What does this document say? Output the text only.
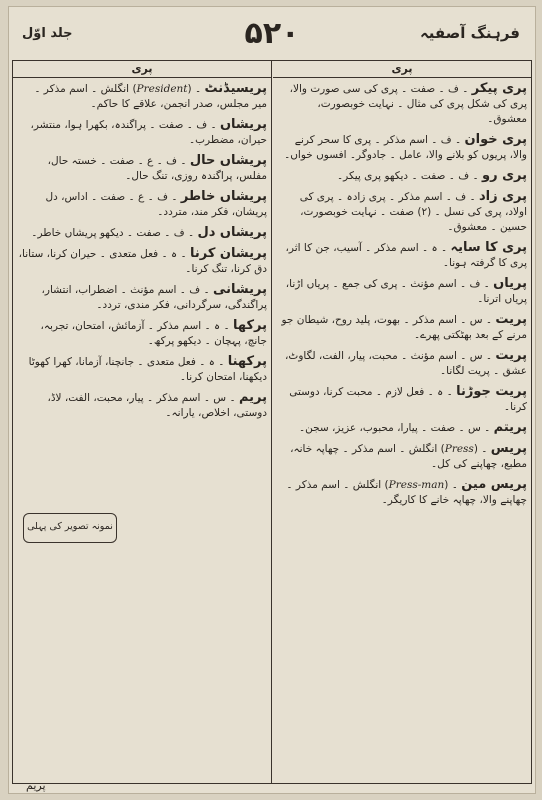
جلد اوّل	۵۲۰	فرہنگ آصفیہ
پری	پری
پری پیکر ۔ ف ۔ صفت ۔ پری کی سی صورت والا، پری کی شکل پری کی مثال ۔ نہایت خوبصورت، معشوق۔
پری خوان ۔ ف ۔ اسم مذکر ۔ پری کا سحر کرنے والا، پریوں کو بلانے والا، عامل ۔ جادوگر۔ افسوں خواں۔
پری رو ۔ ف ۔ صفت ۔ دیکھو پری پیکر۔
پری زاد ۔ ف ۔ اسم مذکر ۔ پری زادہ ۔ پری کی اولاد، پری کی نسل ۔ (۲) صفت ۔ نہایت خوبصورت، حسین ۔ معشوق۔
پری کا سایہ ۔ ہ ۔ اسم مذکر ۔ آسیب، جن کا اثر، پری کا گرفتہ ہونا۔
پریاں ۔ ف ۔ اسم مؤنث ۔ پری کی جمع ۔ پریاں اڑنا، پریاں اترنا۔
پریت ۔ س ۔ اسم مذکر ۔ بھوت، پلید روح، شیطان جو مرنے کے بعد بھٹکتی پھرے۔
پریت ۔ س ۔ اسم مؤنث ۔ محبت، پیار، الفت، لگاوٹ، عشق ۔ پریت لگانا۔
پریت جوڑنا ۔ ہ ۔ فعل لازم ۔ محبت کرنا، دوستی کرنا۔
پریتم ۔ س ۔ صفت ۔ پیارا، محبوب، عزیز، سجن۔
پریس ۔ (Press) انگلش ۔ اسم مذکر ۔ چھاپہ خانہ، مطبع، چھاپنے کی کل۔
پریس مین ۔ (Press-man) انگلش ۔ اسم مذکر ۔ چھاپنے والا، چھاپہ خانے کا کاریگر۔
پریسیڈنٹ ۔ (President) انگلش ۔ اسم مذکر ۔ میر مجلس، صدر انجمن، علاقے کا حاکم۔
پریشاں ۔ ف ۔ صفت ۔ پراگندہ، بکھرا ہوا، منتشر، حیران، مضطرب۔
پریشاں حال ۔ ف ۔ ع ۔ صفت ۔ خستہ حال، مفلس، پراگندہ روزی، تنگ حال۔
پریشاں خاطر ۔ ف ۔ ع ۔ صفت ۔ اداس، دل پریشان، فکر مند، متردد۔
پریشاں دل ۔ ف ۔ صفت ۔ دیکھو پریشاں خاطر۔
پریشان کرنا ۔ ہ ۔ فعل متعدی ۔ حیران کرنا، ستانا، دق کرنا، تنگ کرنا۔
پریشانی ۔ ف ۔ اسم مؤنث ۔ اضطراب، انتشار، پراگندگی، سرگردانی، فکر مندی، تردد۔
پرکھا ۔ ہ ۔ اسم مذکر ۔ آزمائش، امتحان، تجربہ، جانچ، پہچان ۔ دیکھو پرکھ۔
پرکھنا ۔ ہ ۔ فعل متعدی ۔ جانچنا، آزمانا، کھرا کھوٹا دیکھنا، امتحان کرنا۔
پریم ۔ س ۔ اسم مذکر ۔ پیار، محبت، الفت، لاڈ، دوستی، اخلاص، یارانہ۔
نمونہ تصویر کی پہلی
پریم
